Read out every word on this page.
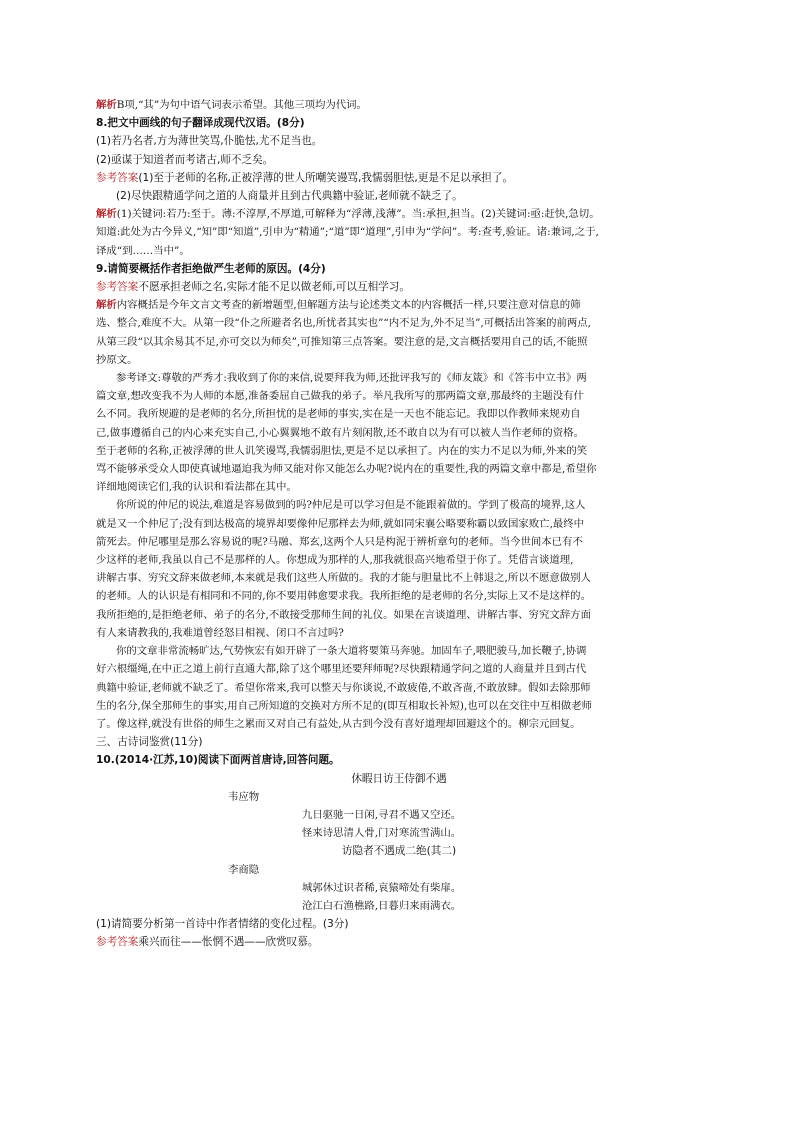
解析B项,“其”为句中语气词表示希望。其他三项均为代词。
8.把文中画线的句子翻译成现代汉语。(8分)
(1)若乃名者,方为薄世笑骂,仆脆怯,尤不足当也。
(2)亟谋于知道者而考诸古,师不乏矣。
参考答案(1)至于老师的名称,正被浮薄的世人所嘲笑谩骂,我懦弱胆怯,更是不足以承担了。
(2)尽快跟精通学问之道的人商量并且到古代典籍中验证,老师就不缺乏了。
解析(1)关键词:若乃:至于。薄:不淳厚,不厚道,可解释为“浮薄,浅薄”。当:承担,担当。(2)关键词:亟:赶快,急切。
知道:此处为古今异义,“知”即“知道”,引申为“精通”;“道”即“道理”,引申为“学问”。考:查考,验证。诸:兼词,之于,
译成“到……当中”。
9.请简要概括作者拒绝做严生老师的原因。(4分)
参考答案不愿承担老师之名,实际才能不足以做老师,可以互相学习。
解析内容概括是今年文言文考查的新增题型,但解题方法与论述类文本的内容概括一样,只要注意对信息的筛
选、整合,难度不大。从第一段“仆之所避者名也,所忧者其实也”“内不足为,外不足当”,可概括出答案的前两点,
从第三段“以其余易其不足,亦可交以为师矣”,可推知第三点答案。要注意的是,文言概括要用自己的话,不能照
抄原文。
参考译文:尊敬的严秀才:我收到了你的来信,说要拜我为师,还批评我写的《师友箴》和《答韦中立书》两
篇文章,想改变我不为人师的本愿,准备委屈自己做我的弟子。举凡我所写的那两篇文章,那最终的主题没有什
么不同。我所规避的是老师的名分,所担忧的是老师的事实,实在是一天也不能忘记。我即以作教师来规劝自
己,做事遵循自己的内心来充实自己,小心翼翼地不敢有片刻闲散,还不敢自以为有可以被人当作老师的资格。
至于老师的名称,正被浮薄的世人讥笑谩骂,我懦弱胆怯,更是不足以承担了。内在的实力不足以为师,外来的笑
骂不能够承受众人即使真诚地逼迫我为师又能对你又能怎么办呢?说内在的重要性,我的两篇文章中都是,希望你
详细地阅读它们,我的认识和看法都在其中。
你所说的仲尼的说法,难道是容易做到的吗?仲尼是可以学习但是不能跟着做的。学到了极高的境界,这人
就是又一个仲尼了;没有到达极高的境界却要像仲尼那样去为师,就如同宋襄公略要称霸以致国家败亡,最终中
箭死去。仲尼哪里是那么容易说的呢?马融、郑玄,这两个人只是构泥于辨析章句的老师。当今世间本已有不
少这样的老师,我虽以自己不是那样的人。你想成为那样的人,那我就很高兴地希望于你了。凭借言谈道理,
讲解古事、穷究文辞来做老师,本来就是我们这些人所做的。我的才能与胆量比不上韩退之,所以不愿意做别人
的老师。人的认识是有相同和不同的,你不要用韩愈要求我。我所拒绝的是老师的名分,实际上又不是这样的。
我所拒绝的,是拒绝老师、弟子的名分,不敢接受那师生间的礼仪。如果在言谈道理、讲解古事、穷究文辞方面
有人来请教我的,我难道曾经怒目相视、闭口不言过吗?
你的文章非常流畅旷达,气势恢宏有如开辟了一条大道将要策马奔驰。加固车子,喂肥骏马,加长鞭子,协调
好六根缰绳,在中正之道上前行直通大都,除了这个哪里还要拜师呢?尽快跟精通学问之道的人商量并且到古代
典籍中验证,老师就不缺乏了。希望你常来,我可以整天与你谈说,不敢疲倦,不敢吝啬,不敢放肆。假如去除那师
生的名分,保全那师生的事实,用自己所知道的交换对方所不足的(即互相取长补短),也可以在交往中互相做老师
了。像这样,就没有世俗的师生之累而又对自己有益处,从古到今没有喜好道理却回避这个的。柳宗元回复。
三、古诗词鉴赏(11分)
10.(2014·江苏,10)阅读下面两首唐诗,回答问题。
休暇日访王侍御不遇
韦应物
九日驱驰一日闲,寻君不遇又空还。
怪来诗思清人骨,门对寒流雪满山。
访隐者不遇成二绝(其二)
李商隐
城郭休过识者稀,哀猿啼处有柴扉。
沧江白石渔樵路,日暮归来雨满衣。
(1)请简要分析第一首诗中作者情绪的变化过程。(3分)
参考答案乘兴而往——怅惘不遇——欣赏叹慕。
